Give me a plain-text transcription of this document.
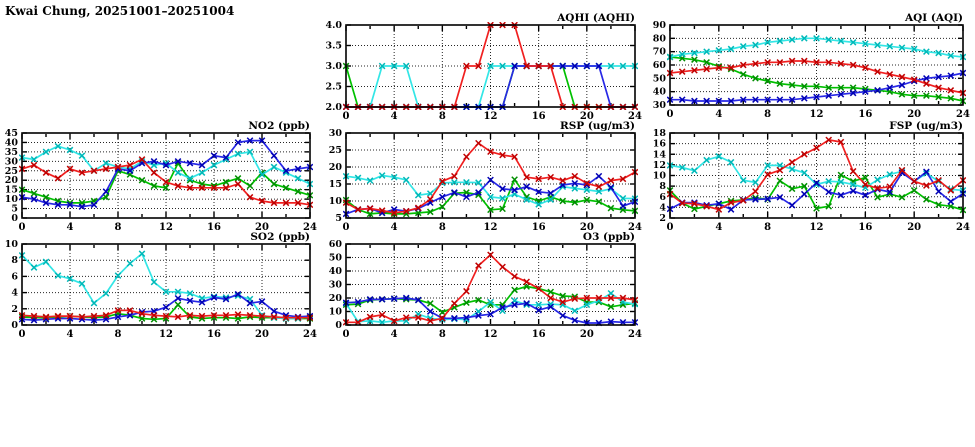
Kwai Chung, 20251001–20251004
2.0
2.5
3.0
3.5
4.0
0	4	8	12	16	20	24
AQHI (AQHI)
30
40
50
60
70
80
90
0	4	8	12	16	20	24
AQI (AQI)
0
5
10
15
20
25
30
35
40
45
0	4	8	12	16	20	24
NO2 (ppb)
5
10
15
20
25
30
0	4	8	12	16	20	24
RSP (ug/m3)
2
4
6
8
10
12
14
16
18
0	4	8	12	16	20	24
FSP (ug/m3)
0
2
4
6
8
10
0	4	8	12	16	20	24
SO2 (ppb)
0
10
20
30
40
50
60
0	4	8	12	16	20	24
O3 (ppb)
